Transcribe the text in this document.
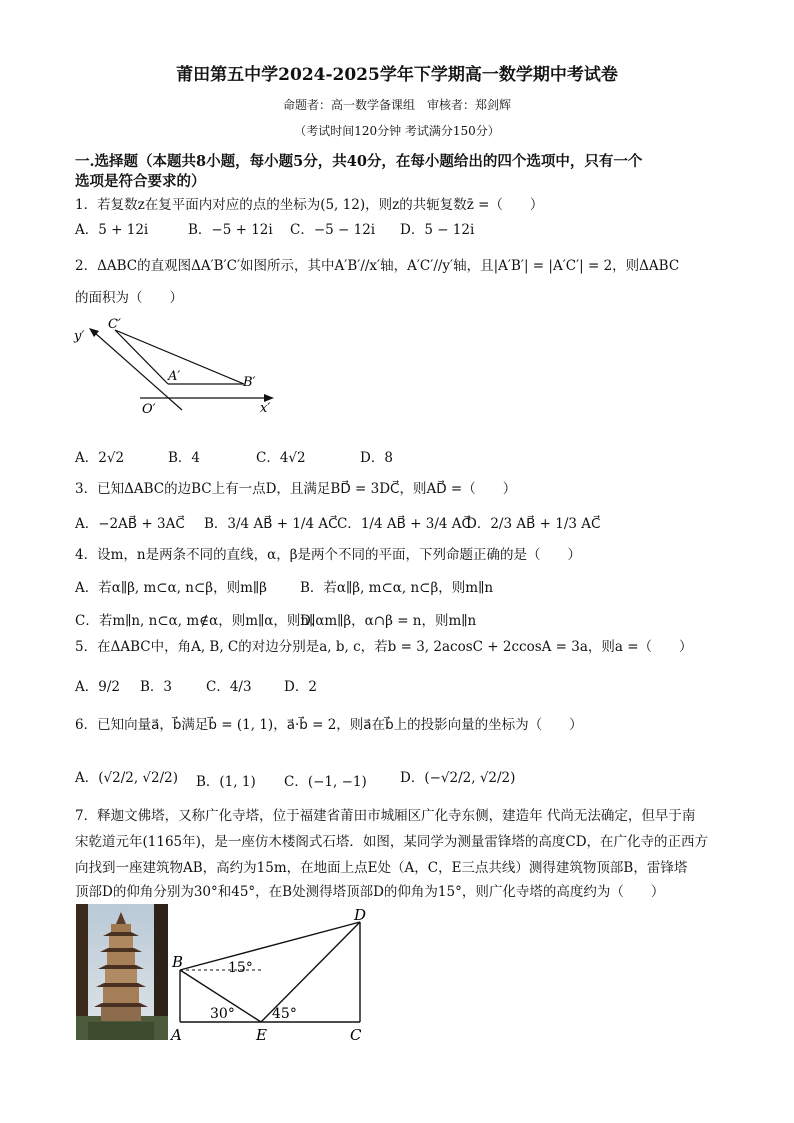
莆田第五中学2024-2025学年下学期高一数学期中考试卷
命题者：高一数学备课组　审核者：郑剑辉
（考试时间120分钟 考试满分150分）
一.选择题（本题共8小题，每小题5分，共40分，在每小题给出的四个选项中，只有一个
选项是符合要求的）
1．若复数z在复平面内对应的点的坐标为(5, 12)，则z的共轭复数z̄ =（　　）
A．5 + 12i	B．−5 + 12i C．−5 − 12i D．5 − 12i
2．ΔABC的直观图ΔA′B′C′如图所示，其中A′B′//x′轴，A′C′//y′轴，且|A′B′| = |A′C′| = 2，则ΔABC
的面积为（　　）
C′
y′
A′	B′
O′	x′
A．2√2	B．4	C．4√2	D．8
3．已知ΔABC的边BC上有一点D，且满足BD⃗ = 3DC⃗，则AD⃗ =（　　）
A．−2AB⃗ + 3AC⃗ B．3/4 AB⃗ + 1/4 AC⃗ C．1/4 AB⃗ + 3/4 AC⃗
D．2/3 AB⃗ + 1/3 AC⃗
4．设m，n是两条不同的直线，α，β是两个不同的平面，下列命题正确的是（　　）
A．若α∥β, m⊂α, n⊂β，则m∥β B．若α∥β, m⊂α, n⊂β，则m∥n
C．若m∥n, n⊂α, m∉α，则m∥α，则n∥α
D．m∥β，α∩β = n，则m∥n
5．在ΔABC中，角A, B, C的对边分别是a, b, c，若b = 3, 2acosC + 2ccosA = 3a，则a =（　　）
A．9/2 B．3	C．4/3 D．2
6．已知向量a⃗，b⃗满足b⃗ = (1, 1)，a⃗·b⃗ = 2，则a⃗在b⃗上的投影向量的坐标为（　　）
A．(√2/2, √2/2) B．(1, 1) C．(−1, −1) D．(−√2/2, √2/2)
7．释迦文佛塔，又称广化寺塔，位于福建省莆田市城厢区广化寺东侧，建造年 代尚无法确定，但早于南
宋乾道元年(1165年)，是一座仿木楼阁式石塔．如图，某同学为测量雷锋塔的高度CD，在广化寺的正西方
向找到一座建筑物AB，高约为15m，在地面上点E处（A，C，E三点共线）测得建筑物顶部B，雷锋塔
顶部D的仰角分别为30°和45°，在B处测得塔顶部D的仰角为15°，则广化寺塔的高度约为（　　）
D
B
A	E	C
15°
30°	45°
